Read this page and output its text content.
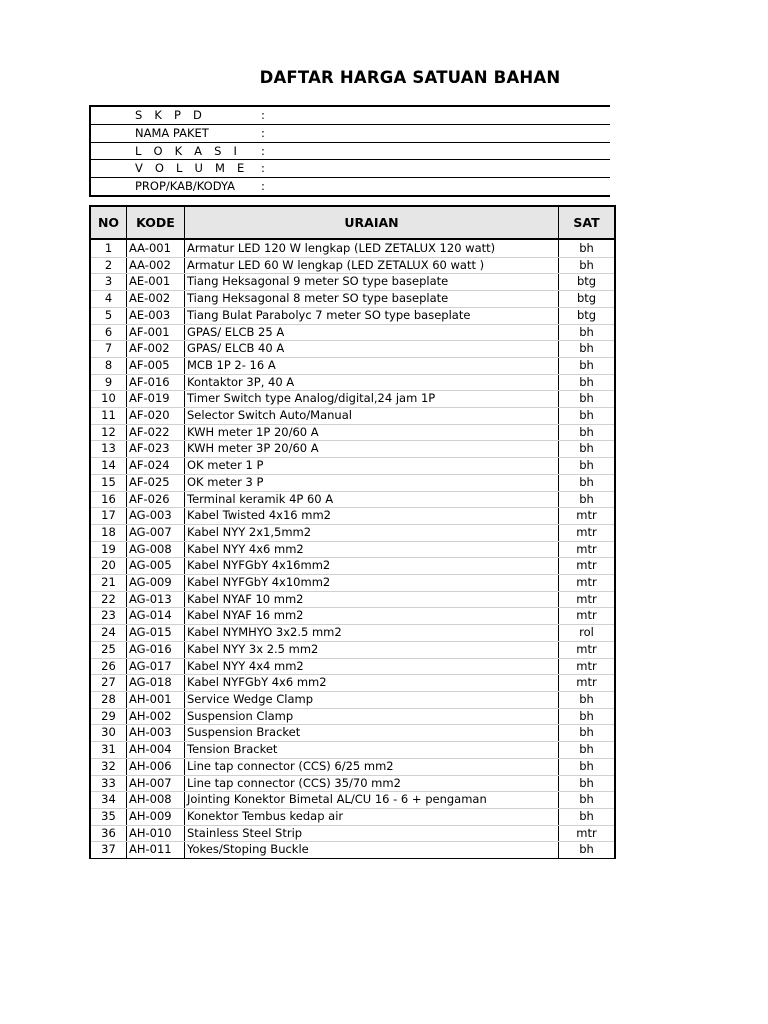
DAFTAR HARGA SATUAN BAHAN
S K P D	:
NAMA PAKET	:
L O K A S I :
V O L U M E :
PROP/KAB/KODYA :
NO	KODE	URAIAN	SAT
1	AA-001	Armatur LED 120 W lengkap (LED ZETALUX 120 watt)	bh
2	AA-002	Armatur LED 60 W lengkap (LED ZETALUX 60 watt )	bh
3	AE-001	Tiang Heksagonal 9 meter SO type baseplate	btg
4	AE-002	Tiang Heksagonal 8 meter SO type baseplate	btg
5	AE-003	Tiang Bulat Parabolyc 7 meter SO type baseplate	btg
6	AF-001	GPAS/ ELCB 25 A	bh
7	AF-002	GPAS/ ELCB 40 A	bh
8	AF-005	MCB 1P 2- 16 A	bh
9	AF-016	Kontaktor 3P, 40 A	bh
10	AF-019	Timer Switch type Analog/digital,24 jam 1P	bh
11	AF-020	Selector Switch Auto/Manual	bh
12	AF-022	KWH meter 1P 20/60 A	bh
13	AF-023	KWH meter 3P 20/60 A	bh
14	AF-024	OK meter 1 P	bh
15	AF-025	OK meter 3 P	bh
16	AF-026	Terminal keramik 4P 60 A	bh
17	AG-003	Kabel Twisted 4x16 mm2	mtr
18	AG-007	Kabel NYY 2x1,5mm2	mtr
19	AG-008	Kabel NYY 4x6 mm2	mtr
20	AG-005	Kabel NYFGbY 4x16mm2	mtr
21	AG-009	Kabel NYFGbY 4x10mm2	mtr
22	AG-013	Kabel NYAF 10 mm2	mtr
23	AG-014	Kabel NYAF 16 mm2	mtr
24	AG-015	Kabel NYMHYO 3x2.5 mm2	rol
25	AG-016	Kabel NYY 3x 2.5 mm2	mtr
26	AG-017	Kabel NYY 4x4 mm2	mtr
27	AG-018	Kabel NYFGbY 4x6 mm2	mtr
28	AH-001	Service Wedge Clamp	bh
29	AH-002	Suspension Clamp	bh
30	AH-003	Suspension Bracket	bh
31	AH-004	Tension Bracket	bh
32	AH-006	Line tap connector (CCS) 6/25 mm2	bh
33	AH-007	Line tap connector (CCS) 35/70 mm2	bh
34	AH-008	Jointing Konektor Bimetal AL/CU 16 - 6 + pengaman	bh
35	AH-009	Konektor Tembus kedap air	bh
36	AH-010	Stainless Steel Strip	mtr
37	AH-011	Yokes/Stoping Buckle	bh
